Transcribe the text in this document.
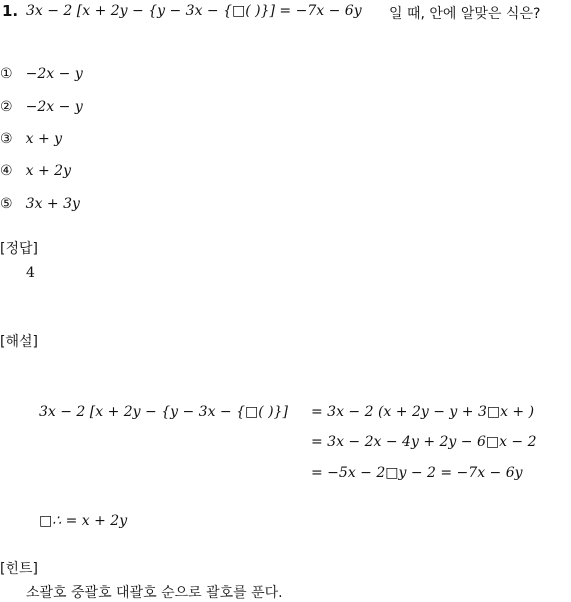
1. 3x − 2 [x + 2y − {y − 3x − {□( )}] = −7x − 6y 일 때, 안에 알맞은 식은?
① −2x − y
② −2x − y
③ x + y
④ x + 2y
⑤ 3x + 3y
[정답]
4
[해설]
3x − 2 [x + 2y − {y − 3x − {□( )}] = 3x − 2 (x + 2y − y + 3□x + )
= 3x − 2x − 4y + 2y − 6□x − 2
= −5x − 2□y − 2 = −7x − 6y
□∴ = x + 2y
[힌트]
소괄호 중괄호 대괄호 순으로 괄호를 푼다.
